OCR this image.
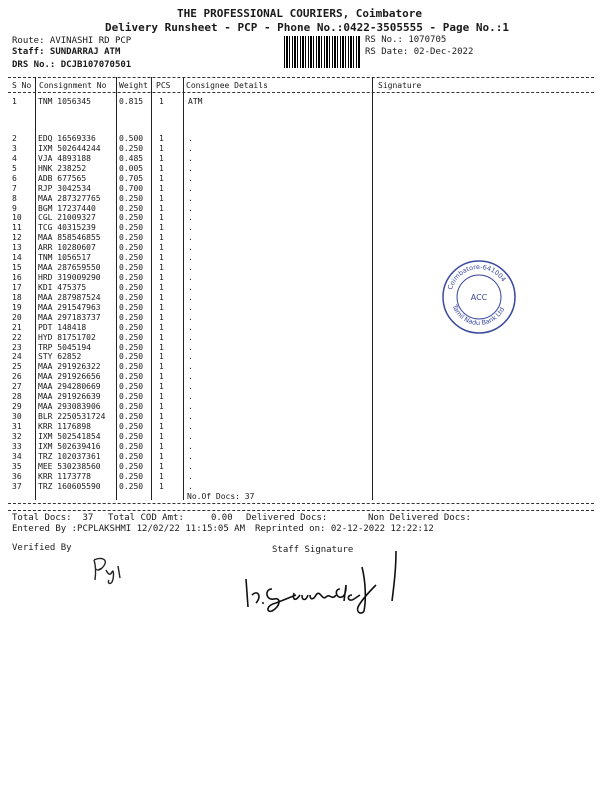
THE PROFESSIONAL COURIERS, Coimbatore
Delivery Runsheet - PCP - Phone No.:0422-3505555 - Page No.:1
Route: AVINASHI RD PCP
Staff: SUNDARRAJ ATM
DRS No.: DCJB107070501
RS No.: 1070705
RS Date: 02-Dec-2022
S No Consignment No Weight PCS Consignee Details	Signature
1	TNM 1056345	0.815 1	ATM
2	EDQ 16569336	0.500 1	.
3	IXM 502644244 0.250 1	.
4	VJA 4893188	0.485 1	.
5	HNK 238252	0.005 1	.
6	ADB 677565	0.705 1	.
7	RJP 3042534	0.700 1	.
8	MAA 287327765 0.250 1	.
9	BGM 17237440	0.250 1	.
10 CGL 21009327	0.250 1	.
11 TCG 40315239	0.250 1	.
12 MAA 858546855 0.250 1	.
13 ARR 10280607	0.250 1	.
14 TNM 1056517	0.250 1	.
15 MAA 287659550 0.250 1	.
16 HRD 319009290 0.250 1	.
17 KDI 475375	0.250 1	.
18 MAA 287987524 0.250 1	.
19 MAA 291547963 0.250 1	.
20 MAA 297183737 0.250 1	.
21 PDT 148418	0.250 1	.
22 HYD 81751702	0.250 1	.
23 TRP 5045194	0.250 1	.
24 STY 62852	0.250 1	.
25 MAA 291926322 0.250 1	.
26 MAA 291926656 0.250 1	.
27 MAA 294280669 0.250 1	.
28 MAA 291926639 0.250 1	.
29 MAA 293083906 0.250 1	.
30 BLR 2250531724 0.250 1	.
31 KRR 1176898	0.250 1	.
32 IXM 502541854 0.250 1	.
33 IXM 502639416 0.250 1	.
34 TRZ 102037361 0.250 1	.
35 MEE 530238560 0.250 1	.
36 KRR 1173778	0.250 1	.
37 TRZ 160605590 0.250 1	.
No.Of Docs: 37
Total Docs:  37 Total COD Amt:     0.00 Delivered Docs:	Non Delivered Docs:
Entered By :PCPLAKSHMI 12/02/22 11:15:05 AM Reprinted on: 02-12-2022 12:22:12
Verified By	Staff Signature
Coimbatore-641004
Tamil Nadu Bank Ltd
ACC
